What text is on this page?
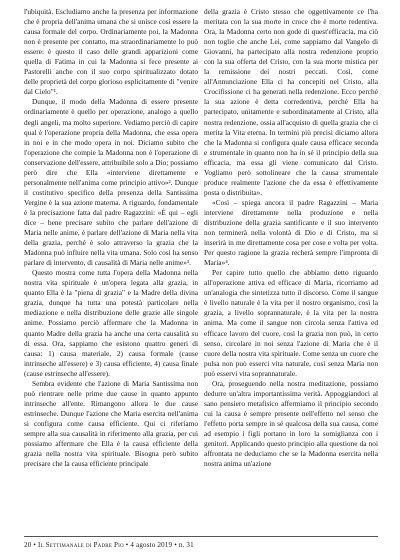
l'ubiquità. Escludiamo anche la presenza per informazione che è propria dell'anima umana che si unisce così essere la causa formale del corpo. Ordinariamente poi, la Madonna non è presente per contatto, ma straordinariamente lo può essere: è questo il caso delle grandi apparizioni come quella di Fatima in cui la Madonna si fece presente ai Pastorelli anche con il suo corpo spiritualizzato dotato delle proprietà del corpo glorioso esplicitamente di "venire dal Cielo"¹.

Dunque, il modo della Madonna di essere presente ordinariamente è quello per operazione, analogo a quello degli angeli, ma molto superiore. Vediamo perciò di capire qual è l'operazione propria della Madonna, che essa opera in noi e in che modo opera in noi. Diciamo subito che l'operazione che compie la Madonna non è l'operazione di conservazione dell'essere, attribuibile solo a Dio; possiamo però dire che Ella «interviene direttamente e personalmente nell'anima come principio attivo»². Dunque il costitutivo specifico della presenza della Santissima Vergine è la sua azione materna. A riguardo, fondamentale è la precisazione fatta dal padre Ragazzini: «È qui – egli dice – bene precisare subito che parlare dell'azione di Maria nelle anime, è parlare dell'azione di Maria nella vita della grazia, perché è solo attraverso la grazia che la Madonna può influire nella vita umana. Solo così ha senso parlare di intervento, di causalità di Maria nelle anime»³.

Questo mostra come tutta l'opera della Madonna nella nostra vita spirituale è un'opera legata alla grazia, in quanto Ella è la "piena di grazia" e la Madre della divina grazia, dunque ha tutta una potestà particolare nella mediazione e nella distribuzione delle grazie alle singole anime. Possiamo perciò affermare che la Madonna in quanto Madre della grazia ha anche una certa causalità su di essa. Ora, sappiamo che esistono quattro generi di causa: 1) causa materiale, 2) causa formale (cause intrinseche all'essere) e 3) causa efficiente, 4) causa finale (cause estrinseche all'essere).

Sembra evidente che l'azione di Maria Santissima non può rientrare nelle prime due cause in quanto appunto intrinseche all'ente. Rimangono allora le due cause estrinseche. Dunque l'azione che Maria esercita nell'anima si configura come causa efficiente. Qui ci riferiamo sempre alla sua causalità in riferimento alla grazia, per cui possiamo affermare che Ella è la causa efficiente della grazia nella nostra vita spirituale. Bisogna però subito precisare che la causa efficiente principale

della grazia è Cristo stesso che oggettivamente ce l'ha meritata con la sua morte in croce che è morte redentiva. Ora, la Madonna certo non gode di quest'efficacia, ma ciò non toglie che anche Lei, come sappiamo dal Vangelo di Giovanni, ha partecipato alla nostra redenzione proprio con la sua offerta del Cristo, con la sua morte mistica per la remissione dei nostri peccati. Così, come all'Annunciazione Ella ci ha concepiti nel Cristo, alla Crocifissione ci ha generati nella redenzione. Ecco perché la sua azione è detta corredentiva, perché Ella ha partecipato, unitamente e subordinatamente al Cristo, alla nostra redenzione, ossia all'acquisto di quella grazia che ci merita la Vita eterna. In termini più precisi diciamo allora che la Madonna si configura quale causa efficace seconda e strumentale in quanto non ha in sé il principio della sua efficacia, ma essa gli viene comunicato dal Cristo. Vogliamo però sottolineare che la causa strumentale produce realmente l'azione che da essa è effettivamente posta o distribuita».

«Così – spiega ancora il padre Ragazzini – Maria interviene direttamente nella produzione e nella distribuzione della grazia santificante e il suo intervento non terminerà nella volontà di Dio e di Cristo, ma si inserirà in me direttamente cosa per cose e volta per volta. Per questo ragione la grazia recherà sempre l'impronta di Maria»⁴.

Per capire tutto quello che abbiamo detto riguardo all'operazione attiva ed efficace di Maria, ricorriamo ad un'analogia che sintetizza tutto il discorso. Come il sangue è livello naturale è la vita per il nostro organismo, così la grazia, a livello soprannaturale, è la vita per la nostra anima. Ma come il sangue non circola senza l'attiva ed efficace lavoro del cuore, così la grazia non può, in certo senso, circolare in noi senza l'azione di Maria che è il cuore della nostra vita spirituale. Come senza un cuore che pulsa non può esserci vita naturale, così senza Maria non può esservi vita soprannaturale.

Ora, proseguendo nella nostra meditazione, possiamo dedurre un'altra importantissima verità. Appoggiandoci al sano pensiero metafisico affermiamo il principio secondo cui la causa è sempre presente nell'effetto nel senso che l'effetto porta sempre in sé qualcosa della sua causa, come ad esempio i figli portano in loro la somiglianza con i genitori. Applicando questo principio alla questione da noi affrontata ne deduciamo che se la Madonna esercita nella nostra anima un'azione

20 • Il Settimanale di Padre Pio • 4 agosto 2019 • n. 31
